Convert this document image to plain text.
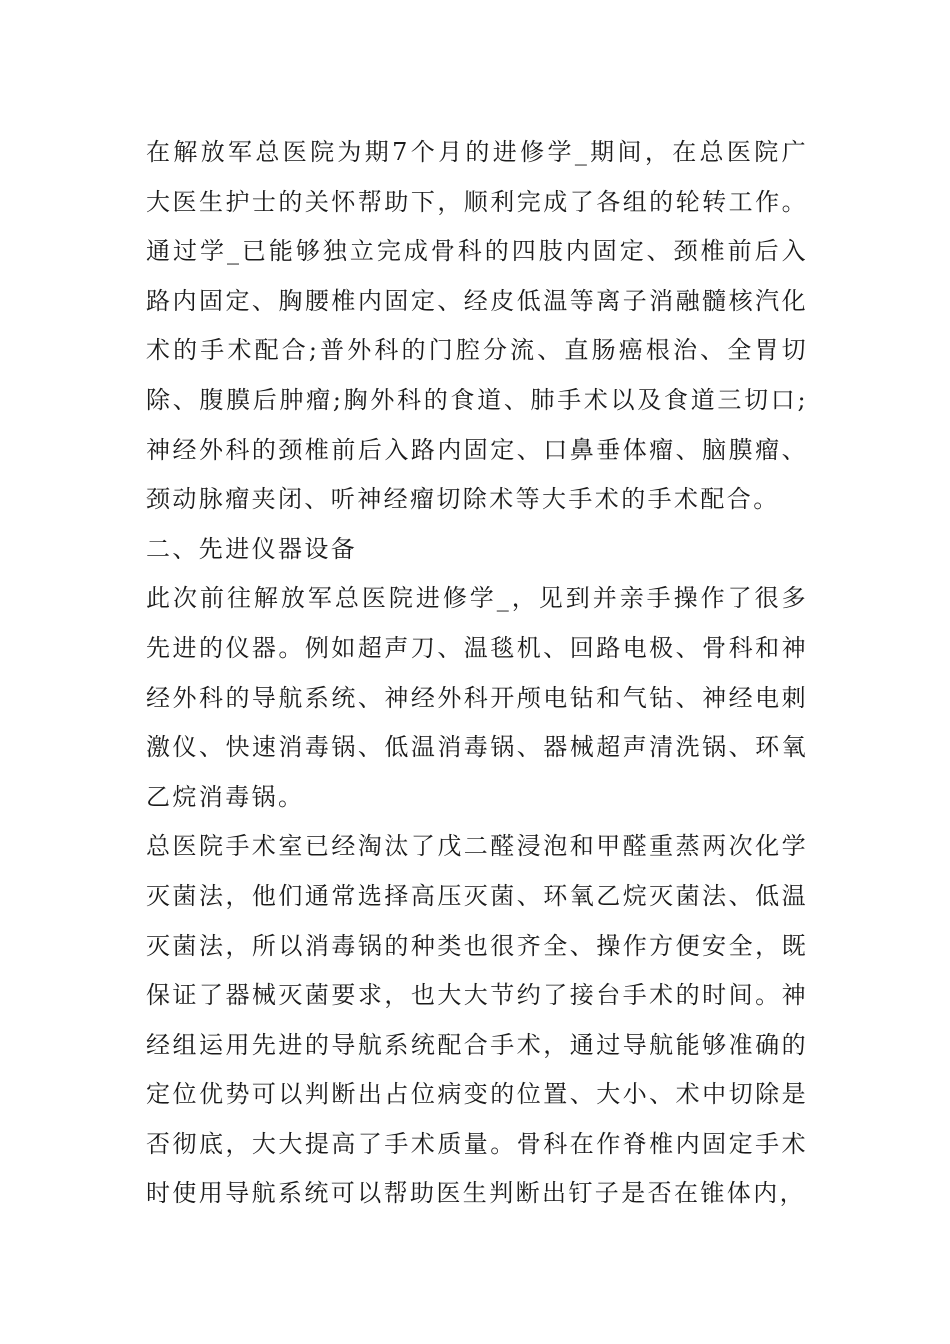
在解放军总医院为期7个月的进修学_期间，在总医院广大医生护士的关怀帮助下，顺利完成了各组的轮转工作。通过学_已能够独立完成骨科的四肢内固定、颈椎前后入路内固定、胸腰椎内固定、经皮低温等离子消融髓核汽化术的手术配合;普外科的门腔分流、直肠癌根治、全胃切除、腹膜后肿瘤;胸外科的食道、肺手术以及食道三切口;神经外科的颈椎前后入路内固定、口鼻垂体瘤、脑膜瘤、颈动脉瘤夹闭、听神经瘤切除术等大手术的手术配合。

二、先进仪器设备

此次前往解放军总医院进修学_，见到并亲手操作了很多先进的仪器。例如超声刀、温毯机、回路电极、骨科和神经外科的导航系统、神经外科开颅电钻和气钻、神经电刺激仪、快速消毒锅、低温消毒锅、器械超声清洗锅、环氧乙烷消毒锅。

总医院手术室已经淘汰了戊二醛浸泡和甲醛重蒸两次化学灭菌法，他们通常选择高压灭菌、环氧乙烷灭菌法、低温灭菌法，所以消毒锅的种类也很齐全、操作方便安全，既保证了器械灭菌要求，也大大节约了接台手术的时间。神经组运用先进的导航系统配合手术，通过导航能够准确的定位优势可以判断出占位病变的位置、大小、术中切除是否彻底，大大提高了手术质量。骨科在作脊椎内固定手术时使用导航系统可以帮助医生判断出钉子是否在锥体内，
